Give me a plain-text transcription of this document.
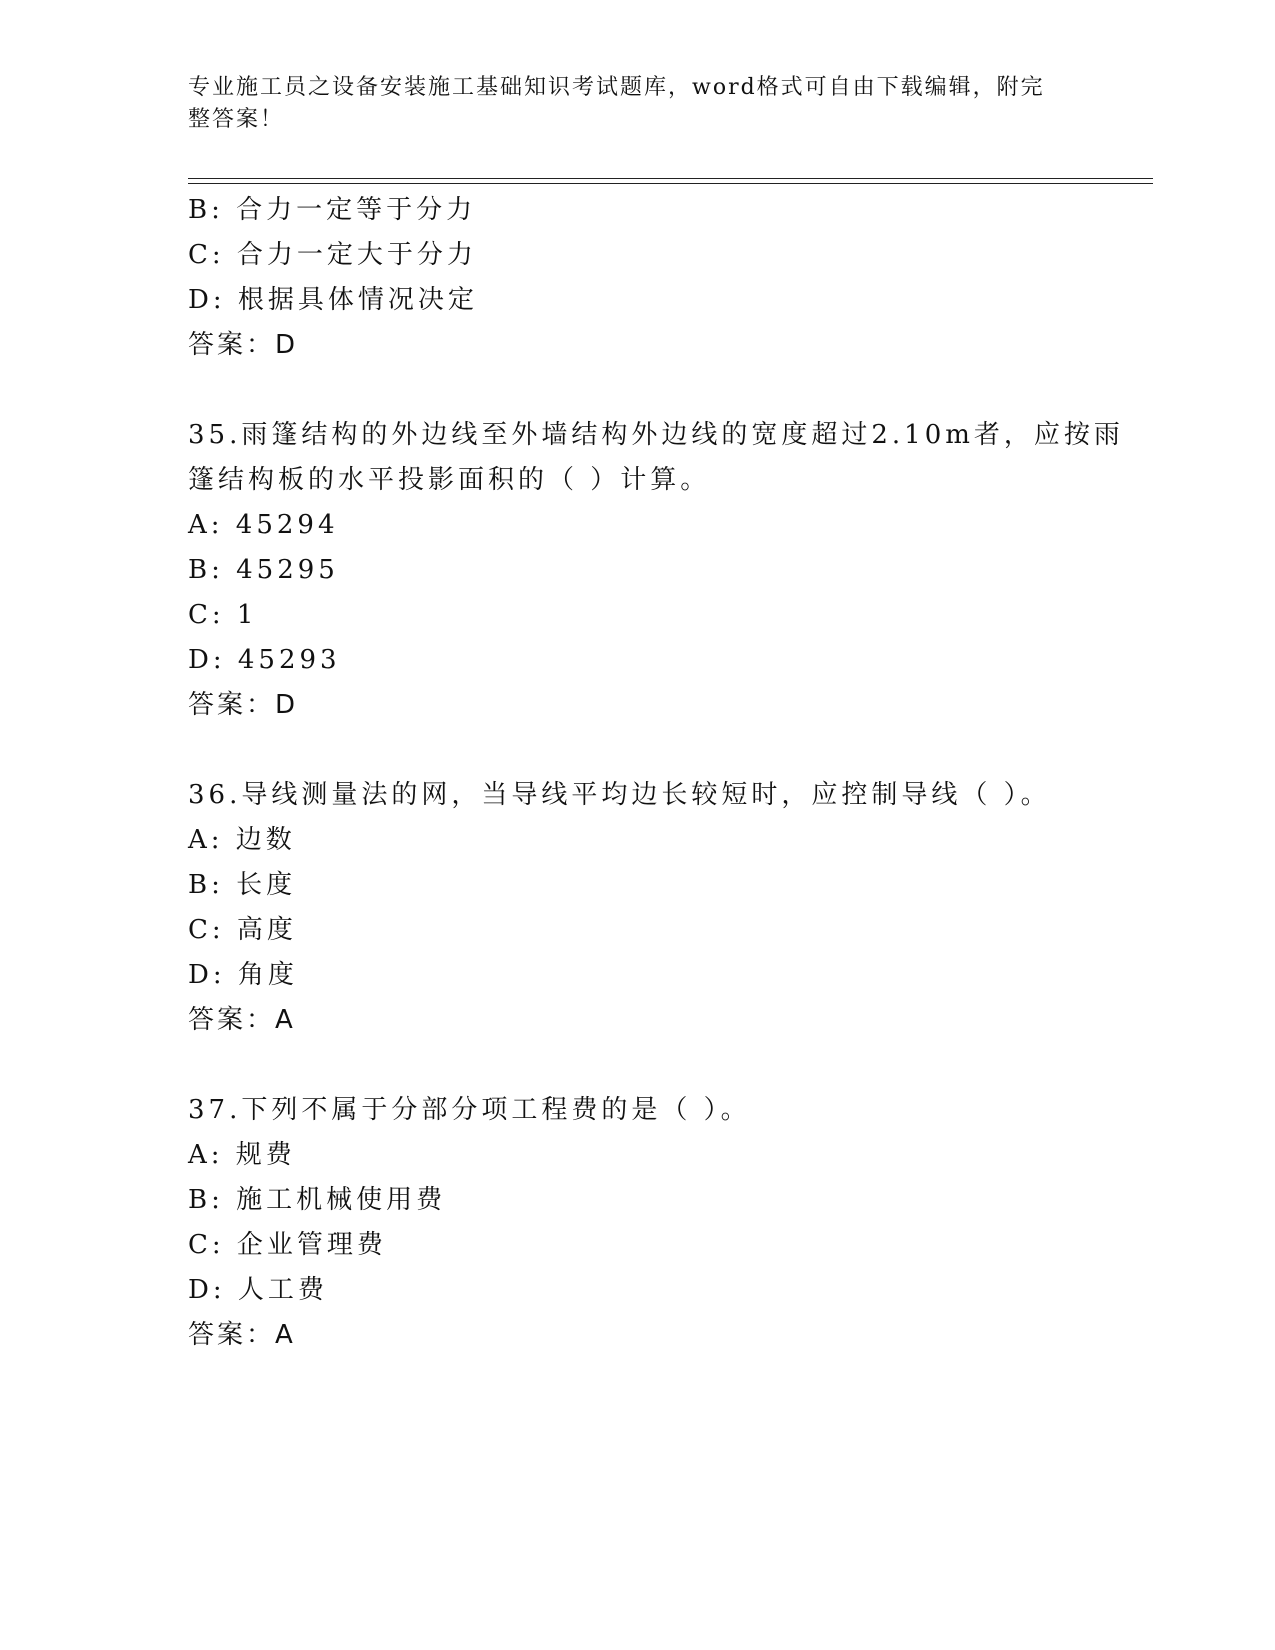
专业施工员之设备安装施工基础知识考试题库，word格式可自由下载编辑，附完
整答案！
B: 合力一定等于分力
C: 合力一定大于分力
D: 根据具体情况决定
答案：D
35.雨篷结构的外边线至外墙结构外边线的宽度超过2.10m者，应按雨
篷结构板的水平投影面积的（ ）计算。
A: 45294
B: 45295
C: 1
D: 45293
答案：D
36.导线测量法的网，当导线平均边长较短时，应控制导线（ ）。
A: 边数
B: 长度
C: 高度
D: 角度
答案：A
37.下列不属于分部分项工程费的是（ ）。
A: 规费
B: 施工机械使用费
C: 企业管理费
D: 人工费
答案：A
